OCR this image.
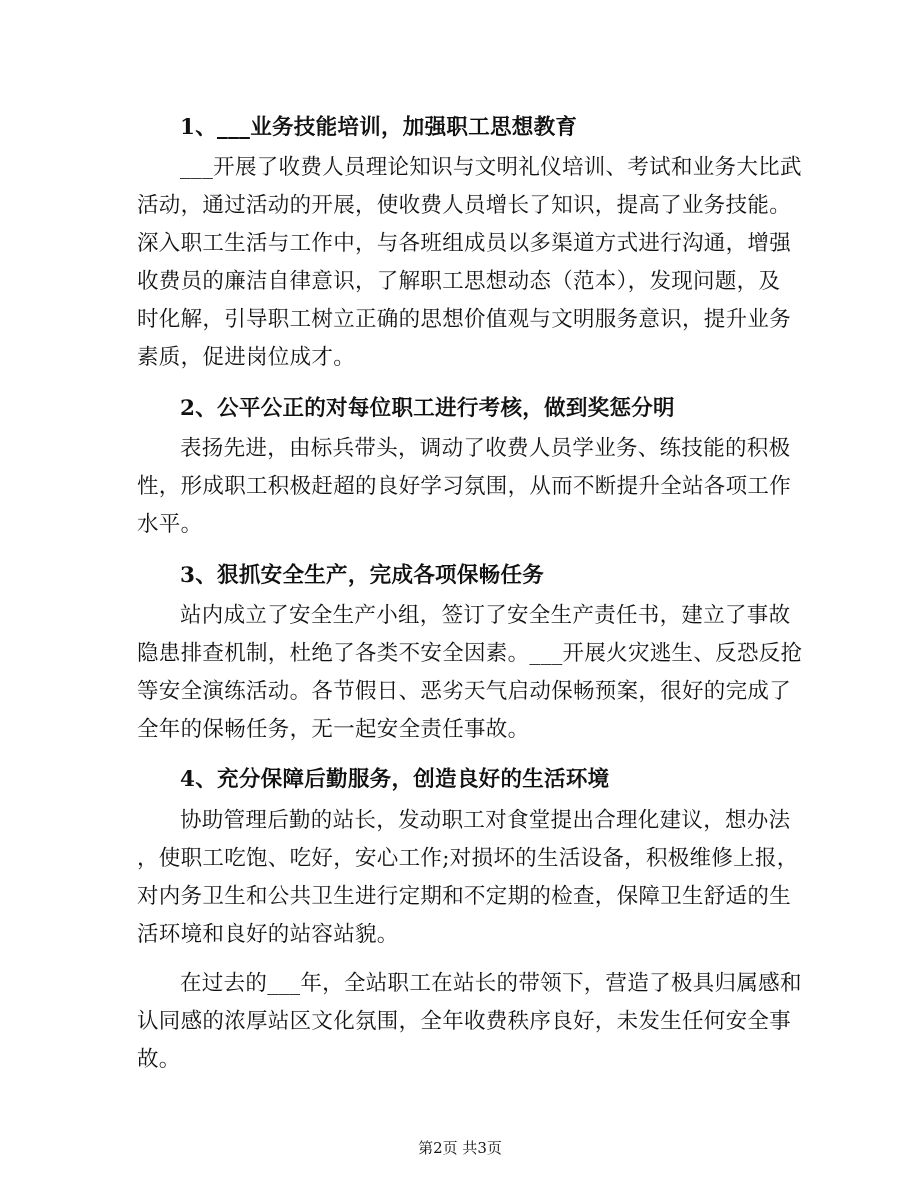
1、___业务技能培训，加强职工思想教育
___开展了收费人员理论知识与文明礼仪培训、考试和业务大比武
活动，通过活动的开展，使收费人员增长了知识，提高了业务技能。
深入职工生活与工作中，与各班组成员以多渠道方式进行沟通，增强
收费员的廉洁自律意识，了解职工思想动态（范本），发现问题，及
时化解，引导职工树立正确的思想价值观与文明服务意识，提升业务
素质，促进岗位成才。
2、公平公正的对每位职工进行考核，做到奖惩分明
表扬先进，由标兵带头，调动了收费人员学业务、练技能的积极
性，形成职工积极赶超的良好学习氛围，从而不断提升全站各项工作
水平。
3、狠抓安全生产，完成各项保畅任务
站内成立了安全生产小组，签订了安全生产责任书，建立了事故
隐患排查机制，杜绝了各类不安全因素。___开展火灾逃生、反恐反抢
等安全演练活动。各节假日、恶劣天气启动保畅预案，很好的完成了
全年的保畅任务，无一起安全责任事故。
4、充分保障后勤服务，创造良好的生活环境
协助管理后勤的站长，发动职工对食堂提出合理化建议，想办法
，使职工吃饱、吃好，安心工作;对损坏的生活设备，积极维修上报，
对内务卫生和公共卫生进行定期和不定期的检查，保障卫生舒适的生
活环境和良好的站容站貌。
在过去的___年，全站职工在站长的带领下，营造了极具归属感和
认同感的浓厚站区文化氛围，全年收费秩序良好，未发生任何安全事
故。
第2页 共3页
